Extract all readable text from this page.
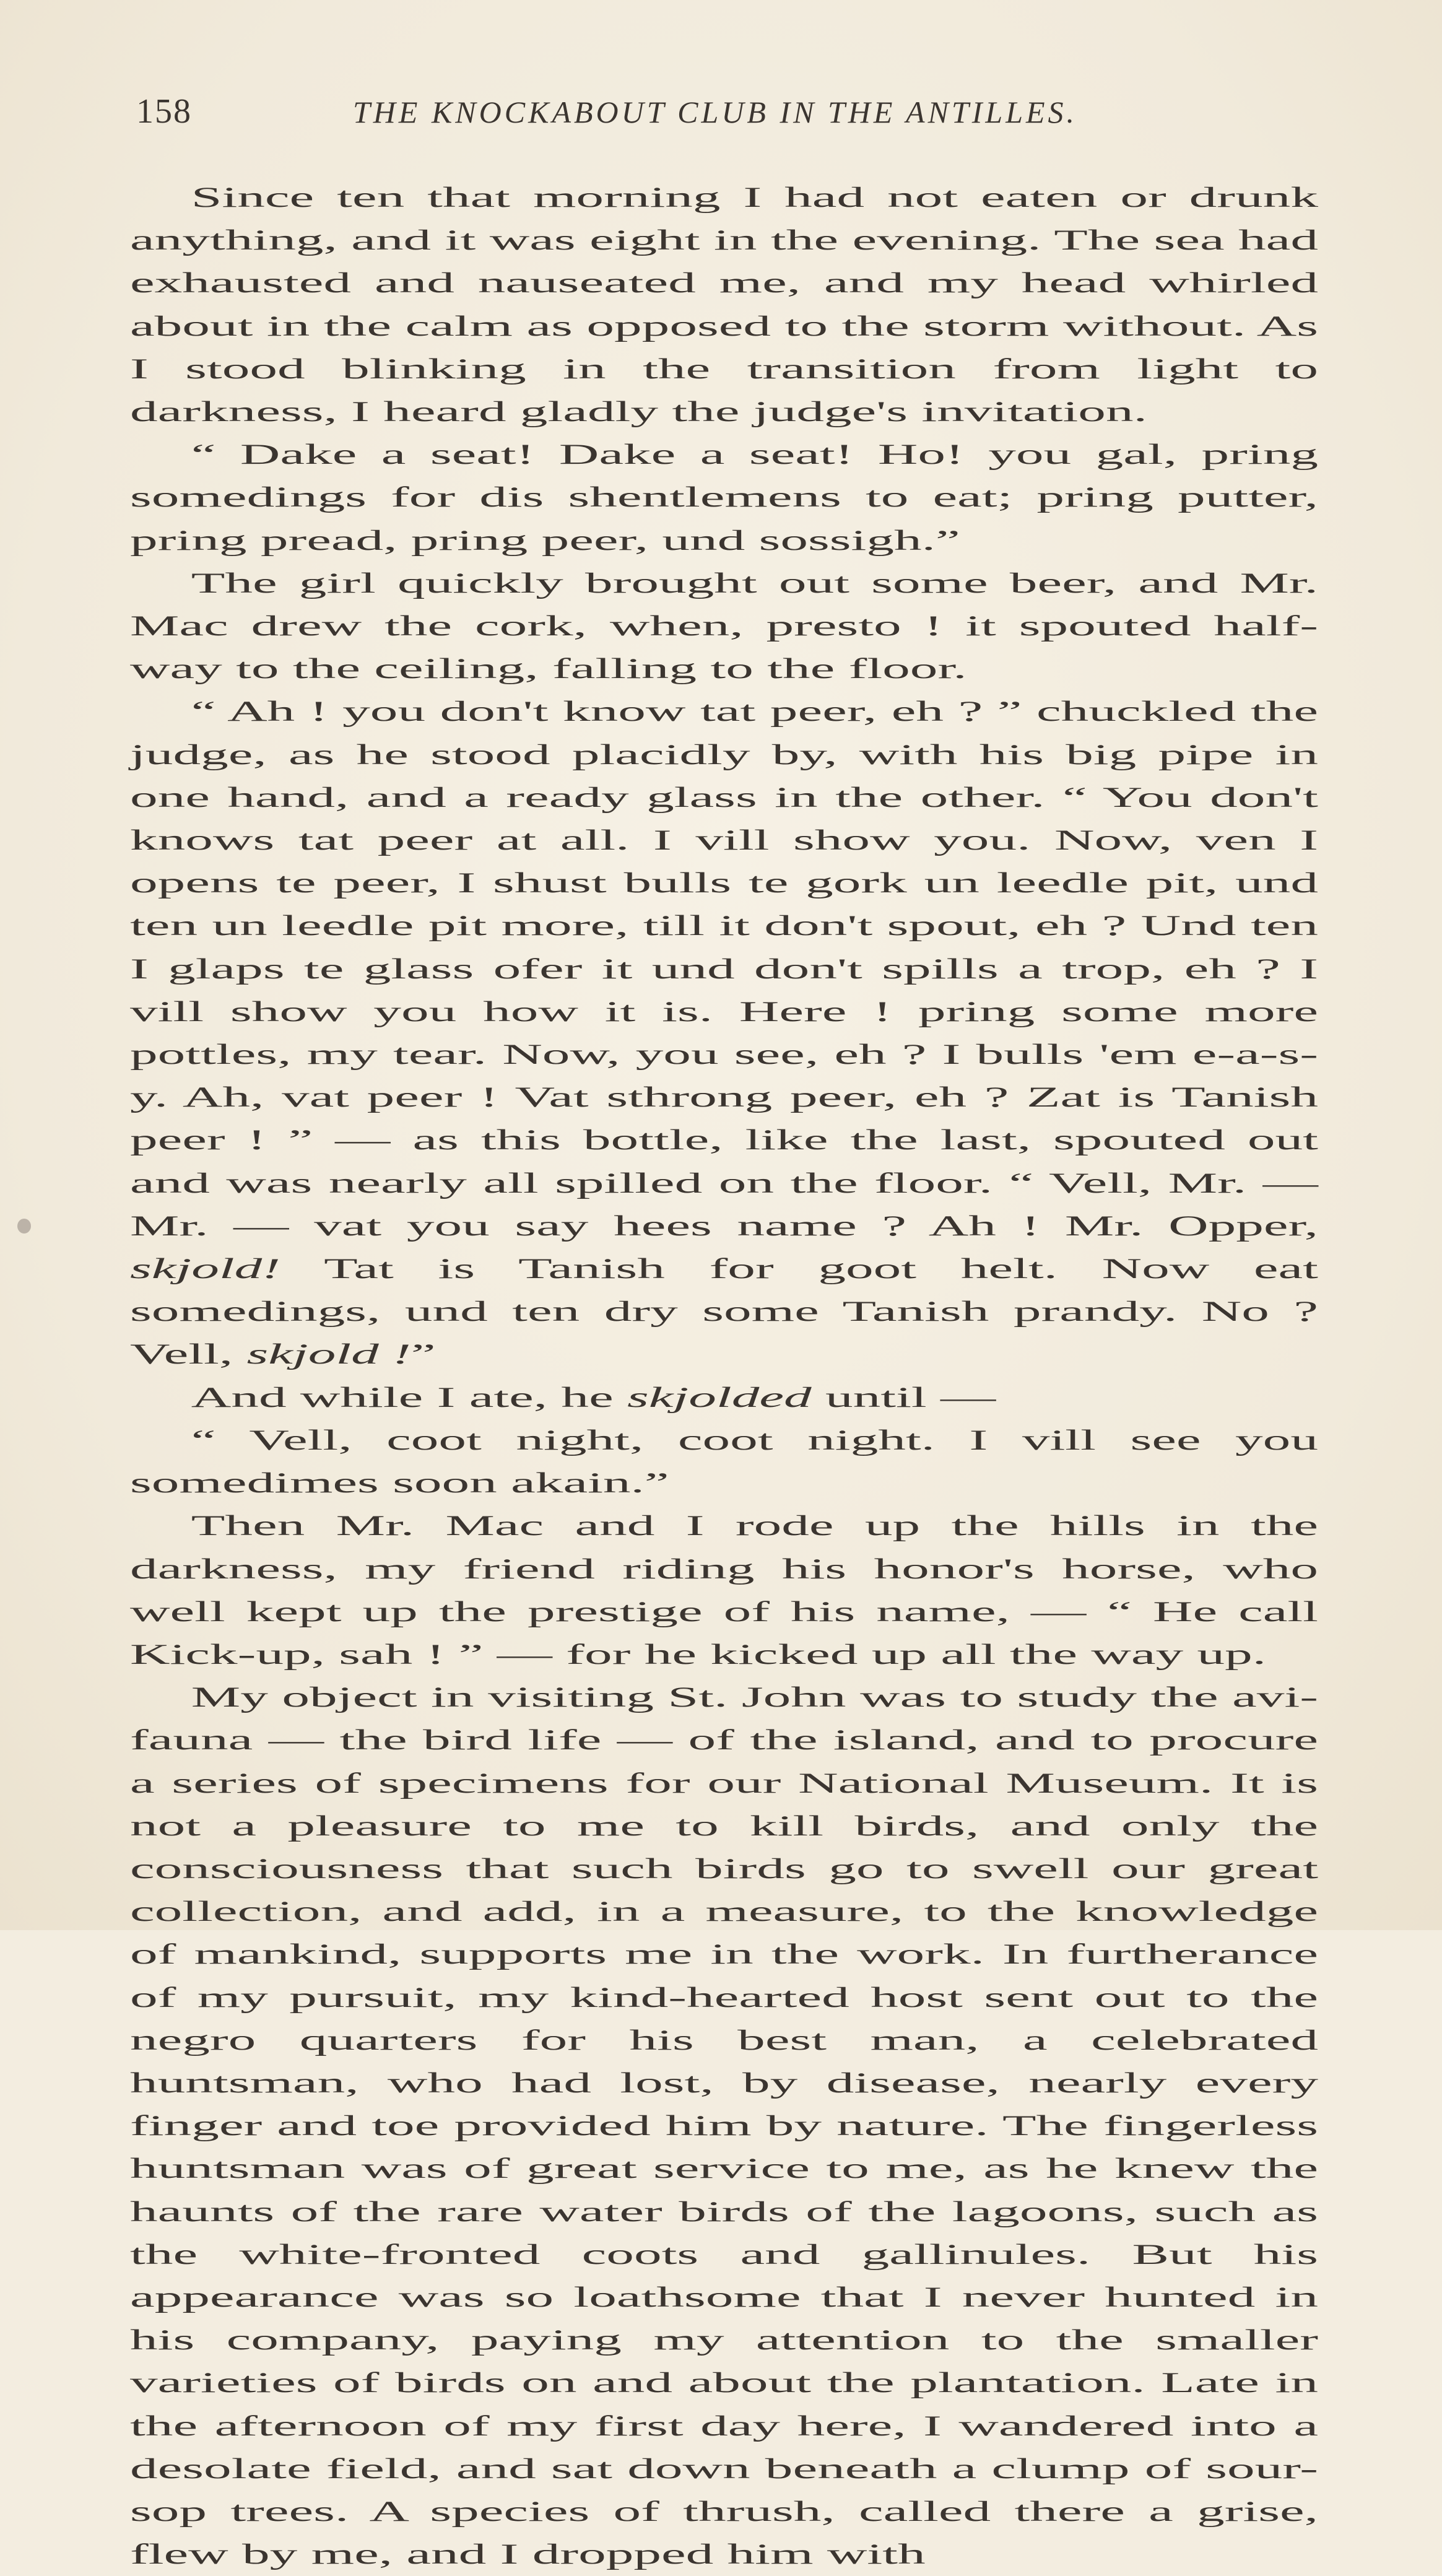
158	THE KNOCKABOUT CLUB IN THE ANTILLES.

Since ten that morning I had not eaten or drunk anything, and it was eight in the evening. The sea had exhausted and nauseated me, and my head whirled about in the calm as opposed to the storm without. As I stood blinking in the transition from light to darkness, I heard gladly the judge's invitation.

“ Dake a seat! Dake a seat! Ho! you gal, pring somedings for dis shentlemens to eat; pring putter, pring pread, pring peer, und sossigh.”

The girl quickly brought out some beer, and Mr. Mac drew the cork, when, presto ! it spouted half-way to the ceiling, falling to the floor.

“ Ah ! you don't know tat peer, eh ? ” chuckled the judge, as he stood placidly by, with his big pipe in one hand, and a ready glass in the other. “ You don't knows tat peer at all. I vill show you. Now, ven I opens te peer, I shust bulls te gork un leedle pit, und ten un leedle pit more, till it don't spout, eh ? Und ten I glaps te glass ofer it und don't spills a trop, eh ? I vill show you how it is. Here ! pring some more pottles, my tear. Now, you see, eh ? I bulls 'em e-a-s-y. Ah, vat peer ! Vat sthrong peer, eh ? Zat is Tanish peer ! ” — as this bottle, like the last, spouted out and was nearly all spilled on the floor. “ Vell, Mr. — Mr. — vat you say hees name ? Ah ! Mr. Opper, skjold! Tat is Tanish for goot helt. Now eat somedings, und ten dry some Tanish prandy. No ? Vell, skjold !”

And while I ate, he skjolded until —

“ Vell, coot night, coot night. I vill see you somedimes soon akain.”

Then Mr. Mac and I rode up the hills in the darkness, my friend riding his honor's horse, who well kept up the prestige of his name, — “ He call Kick-up, sah ! ” — for he kicked up all the way up.

My object in visiting St. John was to study the avi-fauna — the bird life — of the island, and to procure a series of specimens for our National Museum. It is not a pleasure to me to kill birds, and only the consciousness that such birds go to swell our great collection, and add, in a measure, to the knowledge of mankind, supports me in the work. In furtherance of my pursuit, my kind-hearted host sent out to the negro quarters for his best man, a celebrated huntsman, who had lost, by disease, nearly every finger and toe provided him by nature. The fingerless huntsman was of great service to me, as he knew the haunts of the rare water birds of the lagoons, such as the white-fronted coots and gallinules. But his appearance was so loathsome that I never hunted in his company, paying my attention to the smaller varieties of birds on and about the plantation. Late in the afternoon of my first day here, I wandered into a desolate field, and sat down beneath a clump of sour-sop trees. A species of thrush, called there a grise, flew by me, and I dropped him with
